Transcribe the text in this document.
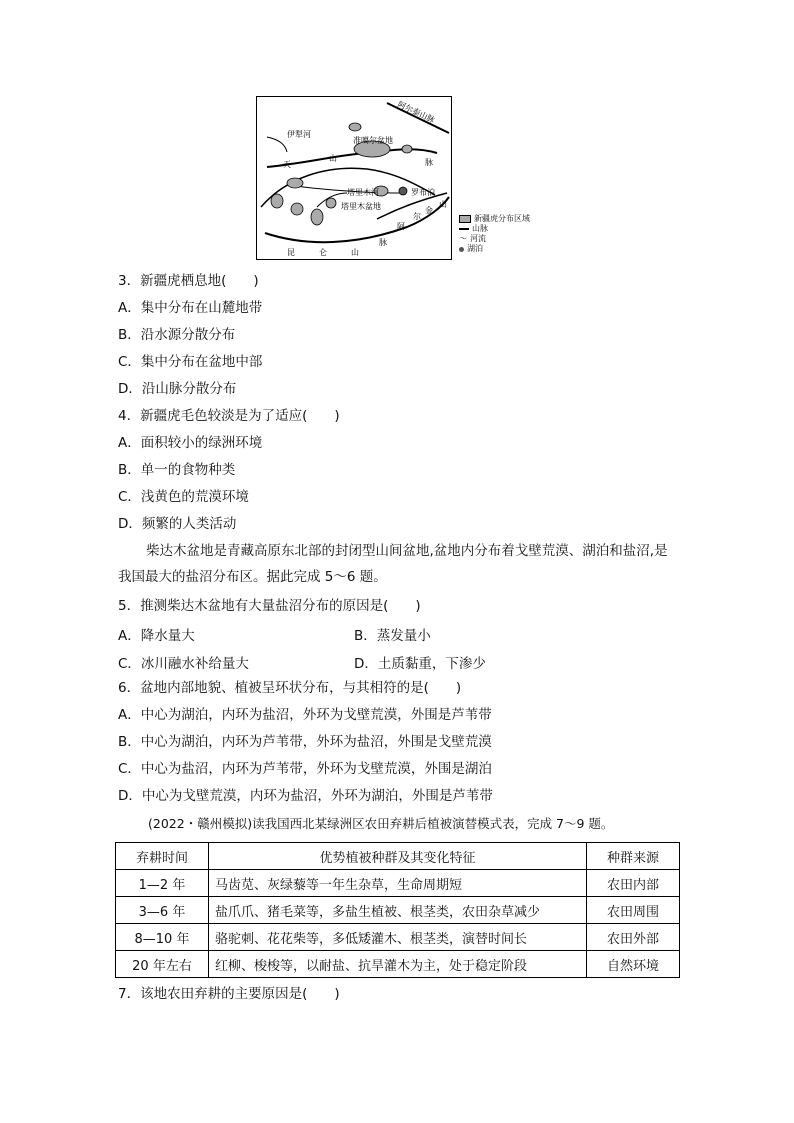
阿尔泰山脉
伊犁河
准噶尔盆地
天
山	脉
塔里木河
塔里木盆地
罗布泊
阿
尔
金
山
昆	仑	山
脉
新疆虎分布区域
山脉
〜 河流
湖泊
3．新疆虎栖息地(　　)
A．集中分布在山麓地带
B．沿水源分散分布
C．集中分布在盆地中部
D．沿山脉分散分布
4．新疆虎毛色较淡是为了适应(　　)
A．面积较小的绿洲环境
B．单一的食物种类
C．浅黄色的荒漠环境
D．频繁的人类活动
柴达木盆地是青藏高原东北部的封闭型山间盆地,盆地内分布着戈壁荒漠、湖泊和盐沼,是我国最大的盐沼分布区。据此完成 5～6 题。
5．推测柴达木盆地有大量盐沼分布的原因是(　　)
A．降水量大	B．蒸发量小
C．冰川融水补给量大	D．土质黏重，下渗少
6．盆地内部地貌、植被呈环状分布，与其相符的是(　　)
A．中心为湖泊，内环为盐沼，外环为戈壁荒漠，外围是芦苇带
B．中心为湖泊，内环为芦苇带，外环为盐沼，外围是戈壁荒漠
C．中心为盐沼，内环为芦苇带，外环为戈壁荒漠，外围是湖泊
D．中心为戈壁荒漠，内环为盐沼，外环为湖泊，外围是芦苇带
(2022・赣州模拟)读我国西北某绿洲区农田弃耕后植被演替模式表，完成 7～9 题。
弃耕时间	优势植被种群及其变化特征	种群来源
1—2 年	马齿苋、灰绿藜等一年生杂草，生命周期短	农田内部
3—6 年	盐爪爪、猪毛菜等，多盐生植被、根茎类，农田杂草减少	农田周围
8—10 年	骆驼刺、花花柴等，多低矮灌木、根茎类，演替时间长	农田外部
20 年左右	红柳、梭梭等，以耐盐、抗旱灌木为主，处于稳定阶段	自然环境
7．该地农田弃耕的主要原因是(　　)
